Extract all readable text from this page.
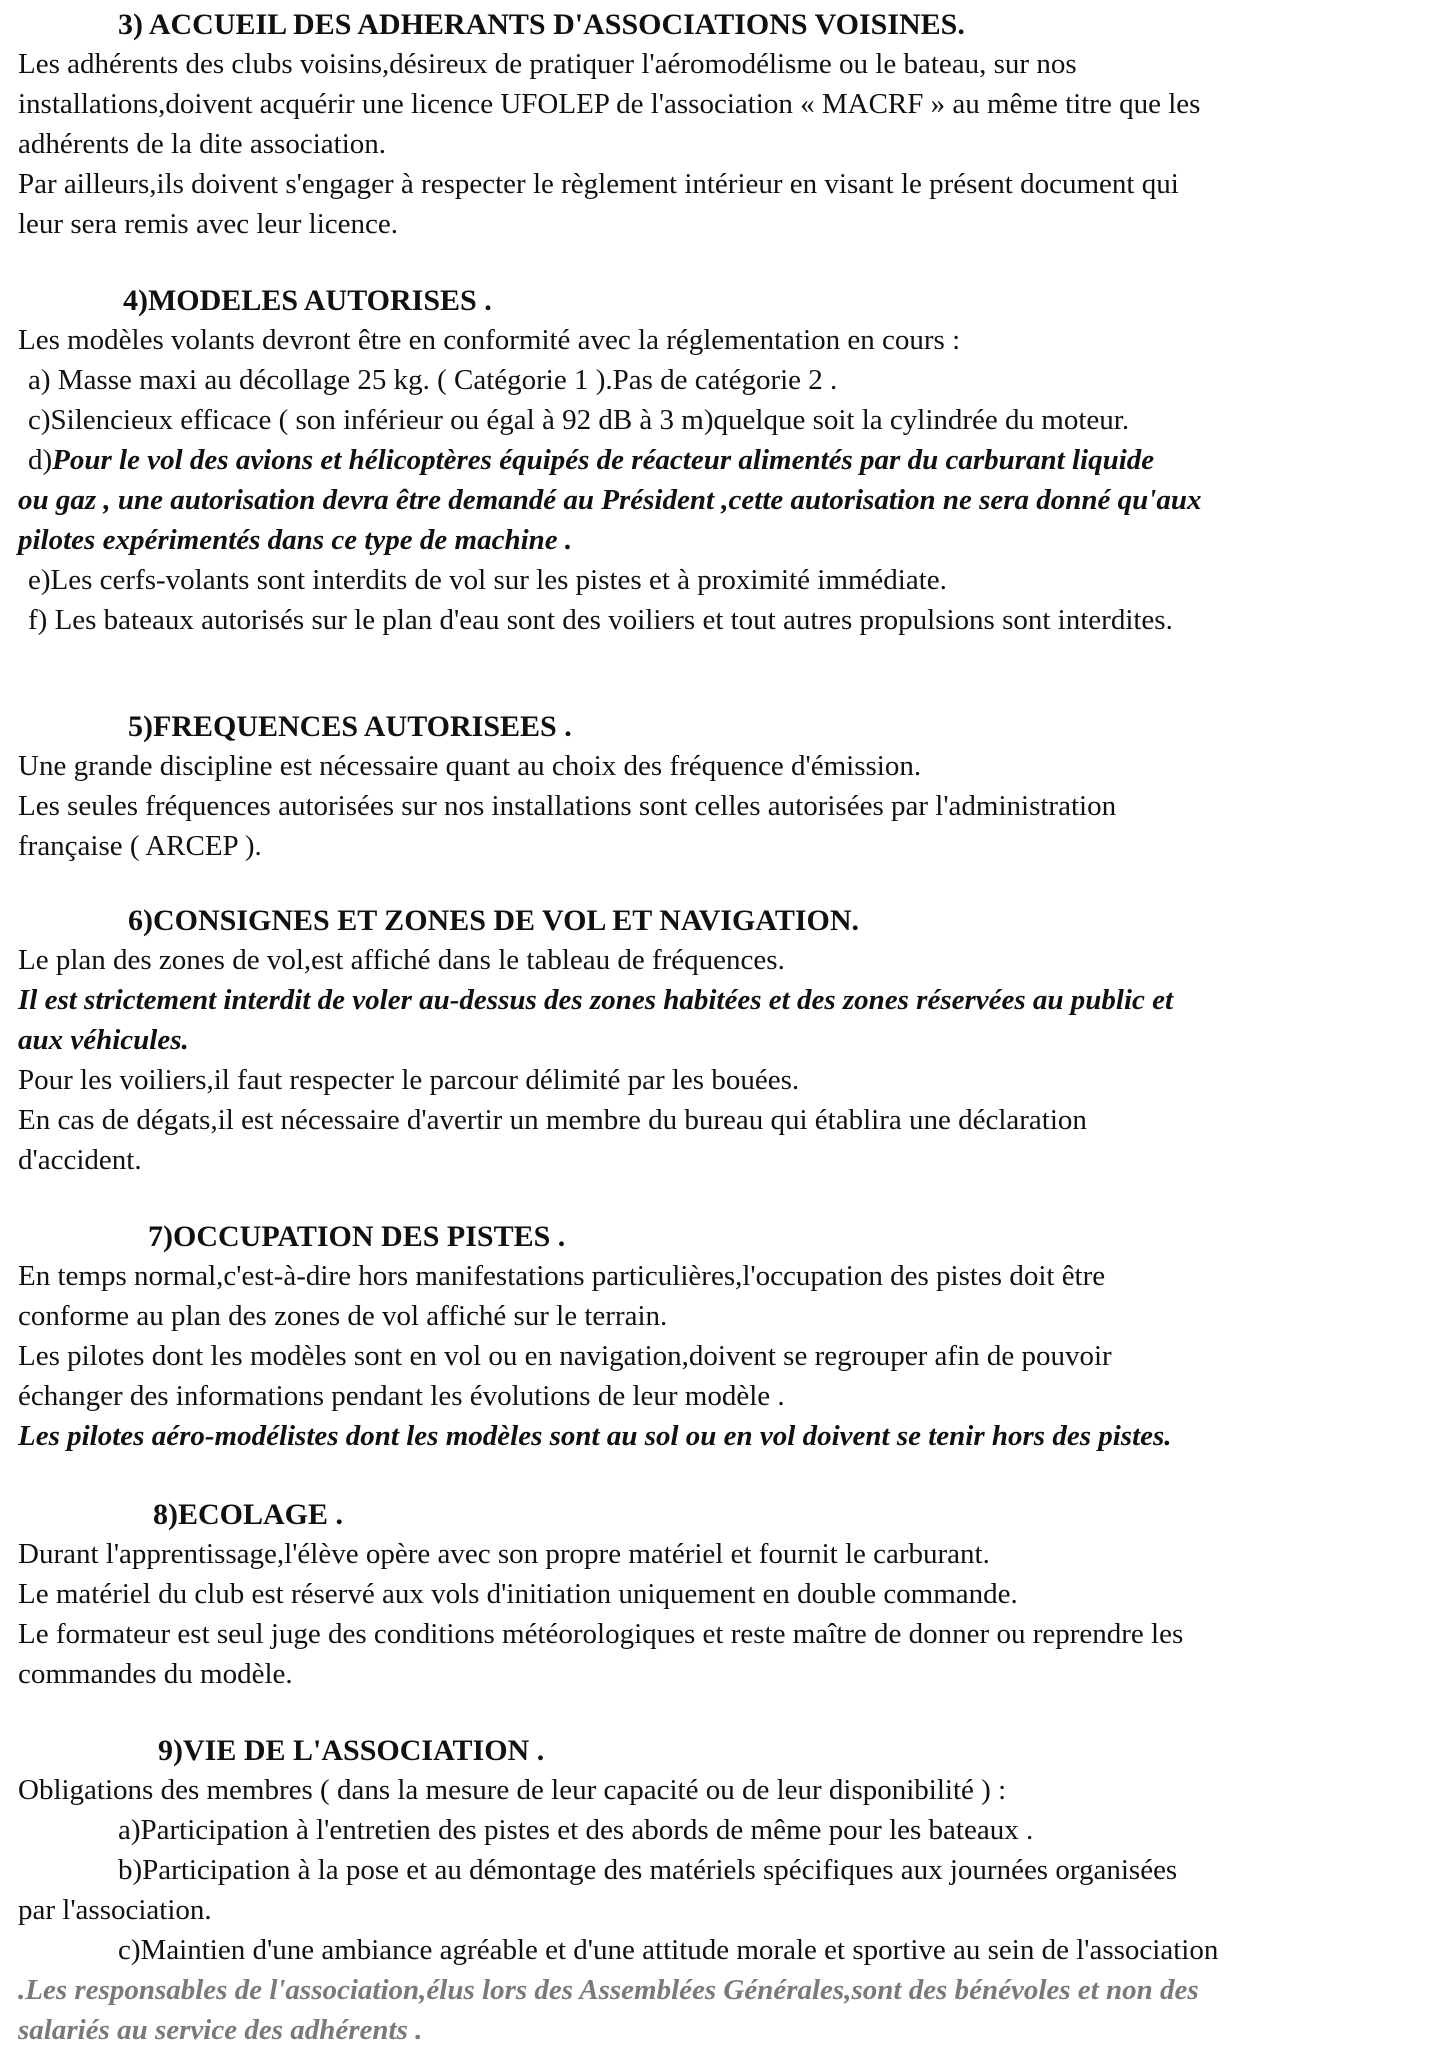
3) ACCUEIL DES ADHERANTS D'ASSOCIATIONS VOISINES.
Les adhérents des clubs voisins,désireux de pratiquer l'aéromodélisme ou le bateau, sur nos
installations,doivent acquérir une licence UFOLEP de l'association « MACRF » au même titre que les
adhérents de la dite association.
Par ailleurs,ils doivent s'engager à respecter le règlement intérieur en visant le présent document qui
leur sera remis avec leur licence.
4)MODELES AUTORISES .
Les modèles volants devront être en conformité avec la réglementation en cours :
a) Masse maxi au décollage 25 kg. ( Catégorie 1 ).Pas de catégorie 2 .
c)Silencieux efficace ( son inférieur ou égal à 92 dB à 3 m)quelque soit la cylindrée du moteur.
d)Pour le vol des avions et hélicoptères équipés de réacteur alimentés par du carburant liquide
ou gaz , une autorisation devra être demandé au Président ,cette autorisation ne sera donné qu'aux
pilotes expérimentés dans ce type de machine .
e)Les cerfs-volants sont interdits de vol sur les pistes et à proximité immédiate.
f) Les bateaux autorisés sur le plan d'eau sont des voiliers et tout autres propulsions sont interdites.
5)FREQUENCES AUTORISEES .
Une grande discipline est nécessaire quant au choix des fréquence d'émission.
Les seules fréquences autorisées sur nos installations sont celles autorisées par l'administration
française ( ARCEP ).
6)CONSIGNES ET ZONES DE VOL ET NAVIGATION.
Le plan des zones de vol,est affiché dans le tableau de fréquences.
Il est strictement interdit de voler au-dessus des zones habitées et des zones réservées au public et
aux véhicules.
Pour les voiliers,il faut respecter le parcour délimité par les bouées.
En cas de dégats,il est nécessaire d'avertir un membre du bureau qui établira une déclaration
d'accident.
7)OCCUPATION DES PISTES .
En temps normal,c'est-à-dire hors manifestations particulières,l'occupation des pistes doit être
conforme au plan des zones de vol affiché sur le terrain.
Les pilotes dont les modèles sont en vol ou en navigation,doivent se regrouper afin de pouvoir
échanger des informations pendant les évolutions de leur modèle .
Les pilotes aéro-modélistes dont les modèles sont au sol ou en vol doivent se tenir hors des pistes.
8)ECOLAGE .
Durant l'apprentissage,l'élève opère avec son propre matériel et fournit le carburant.
Le matériel du club est réservé aux vols d'initiation uniquement en double commande.
Le formateur est seul juge des conditions météorologiques et reste maître de donner ou reprendre les
commandes du modèle.
9)VIE DE L'ASSOCIATION .
Obligations des membres ( dans la mesure de leur capacité ou de leur disponibilité ) :
a)Participation à l'entretien des pistes et des abords de même pour les bateaux .
b)Participation à la pose et au démontage des matériels spécifiques aux journées organisées
par l'association.
c)Maintien d'une ambiance agréable et d'une attitude morale et sportive au sein de l'association
.Les responsables de l'association,élus lors des Assemblées Générales,sont des bénévoles et non des
salariés au service des adhérents .
